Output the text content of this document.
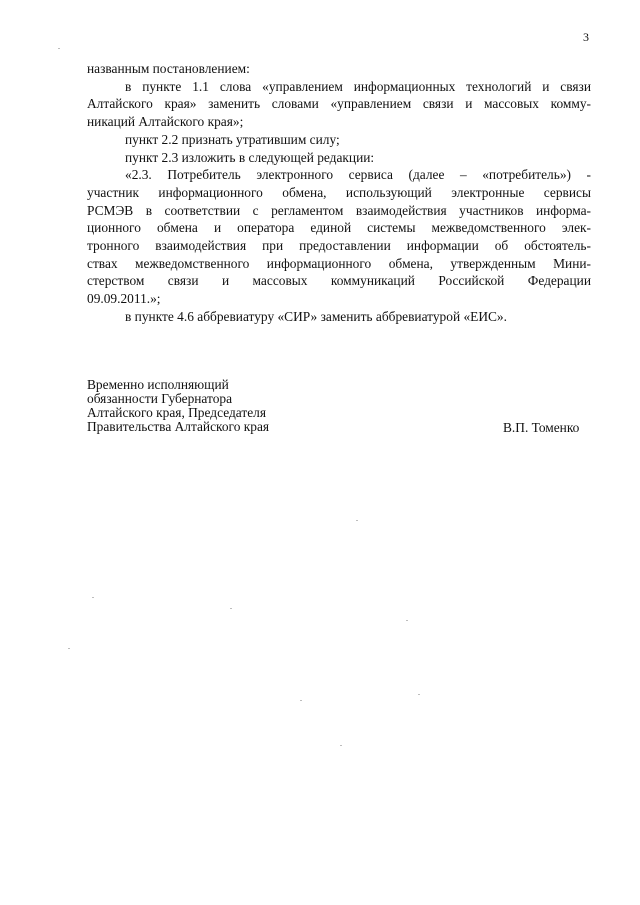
3

названным постановлением:

в пункте 1.1 слова «управлением информационных технологий и связи
Алтайского края» заменить словами «управлением связи и массовых комму-
никаций Алтайского края»;

пункт 2.2 признать утратившим силу;

пункт 2.3 изложить в следующей редакции:

«2.3. Потребитель электронного сервиса (далее – «потребитель») -
участник информационного обмена, использующий электронные сервисы
РСМЭВ в соответствии с регламентом взаимодействия участников информа-
ционного обмена и оператора единой системы межведомственного элек-
тронного взаимодействия при предоставлении информации об обстоятель-
ствах межведомственного информационного обмена, утвержденным Мини-
стерством связи и массовых коммуникаций Российской Федерации
09.09.2011.»;

в пункте 4.6 аббревиатуру «СИР» заменить аббревиатурой «ЕИС».

Временно исполняющий
обязанности Губернатора
Алтайского края, Председателя
Правительства Алтайского края	В.П. Томенко
